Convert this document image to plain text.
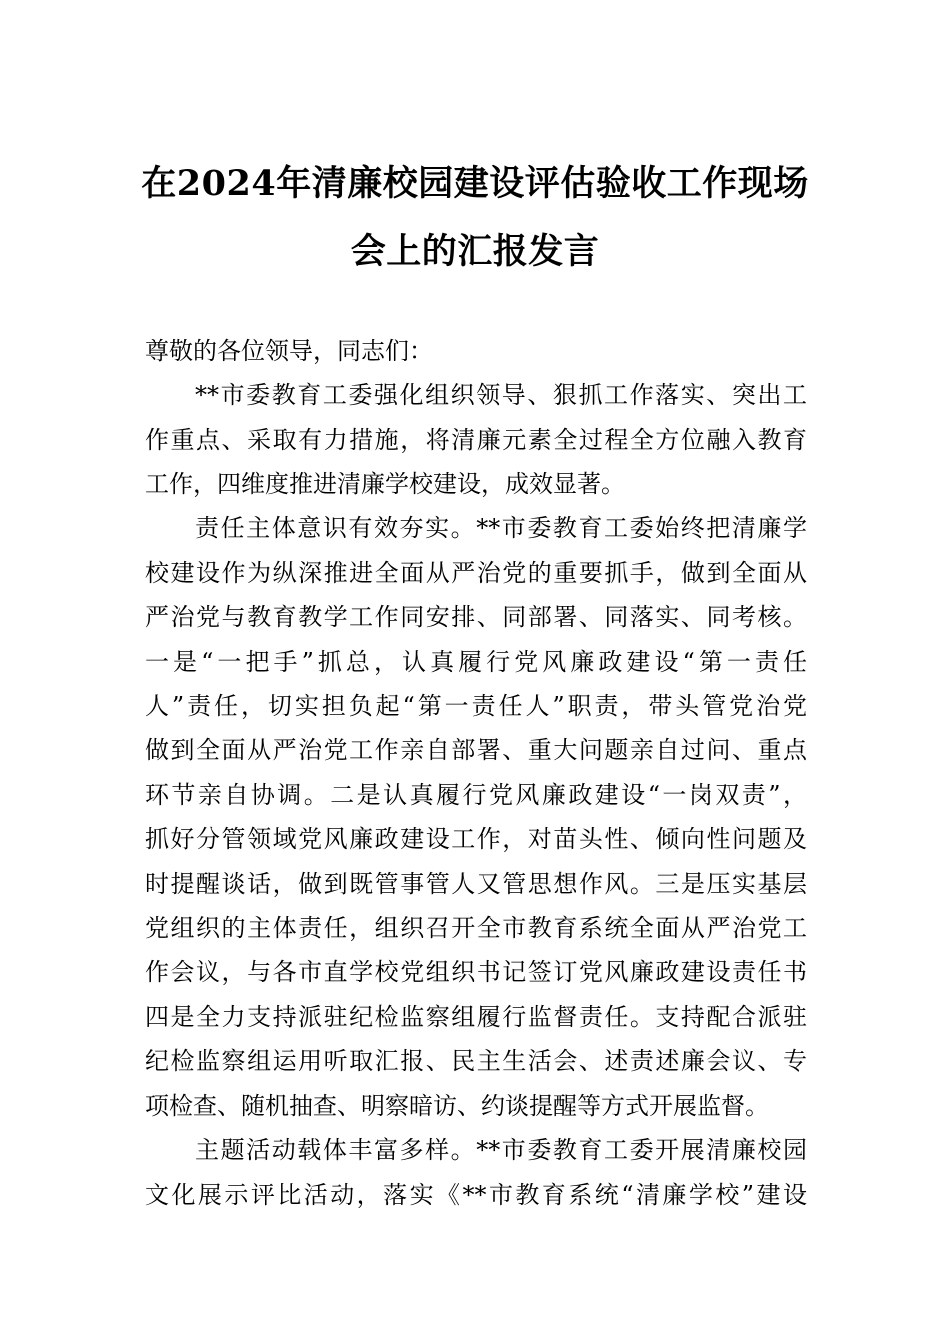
在2024年清廉校园建设评估验收工作现场
会上的汇报发言
尊敬的各位领导，同志们：
**市委教育工委强化组织领导、狠抓工作落实、突出工
作重点、采取有力措施，将清廉元素全过程全方位融入教育
工作，四维度推进清廉学校建设，成效显著。
责任主体意识有效夯实。**市委教育工委始终把清廉学
校建设作为纵深推进全面从严治党的重要抓手，做到全面从
严治党与教育教学工作同安排、同部署、同落实、同考核。
一是“一把手”抓总，认真履行党风廉政建设“第一责任
人”责任，切实担负起“第一责任人”职责，带头管党治党
做到全面从严治党工作亲自部署、重大问题亲自过问、重点
环节亲自协调。二是认真履行党风廉政建设“一岗双责”，
抓好分管领域党风廉政建设工作，对苗头性、倾向性问题及
时提醒谈话，做到既管事管人又管思想作风。三是压实基层
党组织的主体责任，组织召开全市教育系统全面从严治党工
作会议，与各市直学校党组织书记签订党风廉政建设责任书
四是全力支持派驻纪检监察组履行监督责任。支持配合派驻
纪检监察组运用听取汇报、民主生活会、述责述廉会议、专
项检查、随机抽查、明察暗访、约谈提醒等方式开展监督。
主题活动载体丰富多样。**市委教育工委开展清廉校园
文化展示评比活动，落实《**市教育系统“清廉学校”建设
